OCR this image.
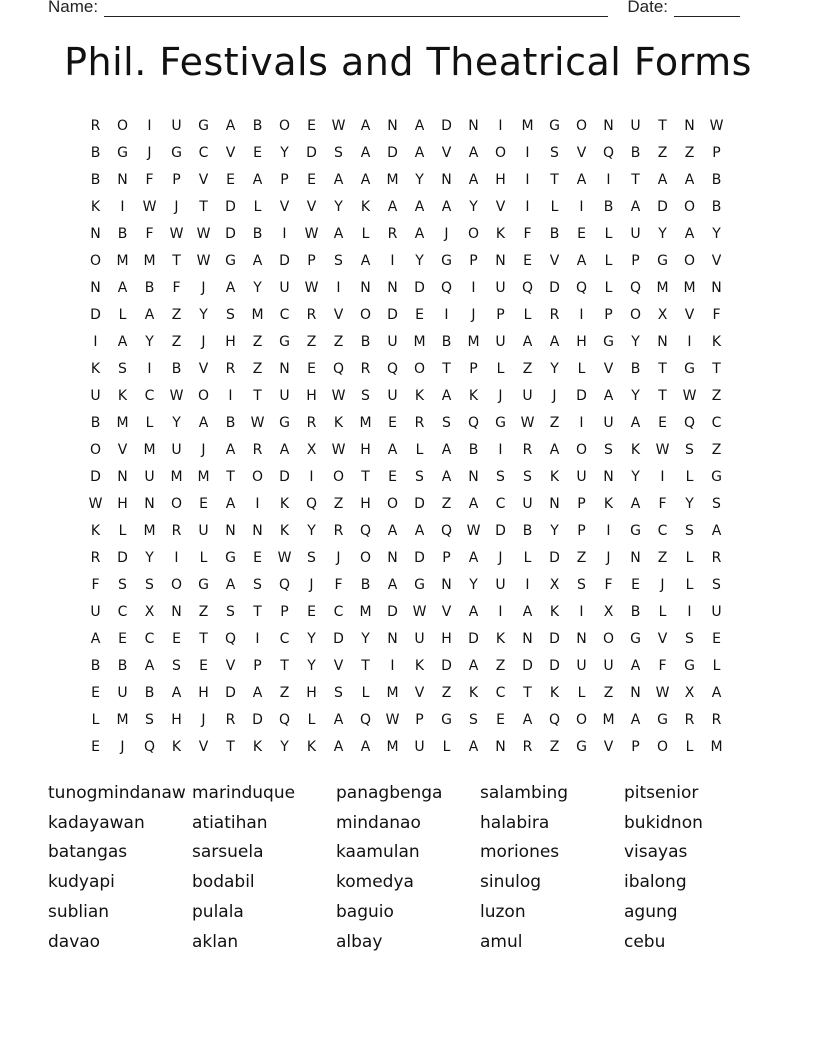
Name:	Date:
Phil. Festivals and Theatrical Forms
R	O	I	U	G	A	B	O	E	W	A	N	A	D	N	I	M	G	O	N	U	T	N	W
B	G	J	G	C	V	E	Y	D	S	A	D	A	V	A	O	I	S	V	Q	B	Z	Z	P
B	N	F	P	V	E	A	P	E	A	A	M	Y	N	A	H	I	T	A	I	T	A	A	B
K	I	W	J	T	D	L	V	V	Y	K	A	A	A	Y	V	I	L	I	B	A	D	O	B
N	B	F	W W	D	B	I	W	A	L	R	A	J	O	K	F	B	E	L	U	Y	A	Y
O	M	M	T	W	G	A	D	P	S	A	I	Y	G	P	N	E	V	A	L	P	G	O	V
N	A	B	F	J	A	Y	U	W	I	N	N	D	Q	I	U	Q	D	Q	L	Q	M	M	N
D	L	A	Z	Y	S	M	C	R	V	O	D	E	I	J	P	L	R	I	P	O	X	V	F
I	A	Y	Z	J	H	Z	G	Z	Z	B	U	M	B	M	U	A	A	H	G	Y	N	I	K
K	S	I	B	V	R	Z	N	E	Q	R	Q	O	T	P	L	Z	Y	L	V	B	T	G	T
U	K	C	W	O	I	T	U	H	W	S	U	K	A	K	J	U	J	D	A	Y	T	W	Z
B	M	L	Y	A	B	W	G	R	K	M	E	R	S	Q	G	W	Z	I	U	A	E	Q	C
O	V	M	U	J	A	R	A	X	W	H	A	L	A	B	I	R	A	O	S	K	W	S	Z
D	N	U	M	M	T	O	D	I	O	T	E	S	A	N	S	S	K	U	N	Y	I	L	G
W	H	N	O	E	A	I	K	Q	Z	H	O	D	Z	A	C	U	N	P	K	A	F	Y	S
K	L	M	R	U	N	N	K	Y	R	Q	A	A	Q	W	D	B	Y	P	I	G	C	S	A
R	D	Y	I	L	G	E	W	S	J	O	N	D	P	A	J	L	D	Z	J	N	Z	L	R
F	S	S	O	G	A	S	Q	J	F	B	A	G	N	Y	U	I	X	S	F	E	J	L	S
U	C	X	N	Z	S	T	P	E	C	M	D	W	V	A	I	A	K	I	X	B	L	I	U
A	E	C	E	T	Q	I	C	Y	D	Y	N	U	H	D	K	N	D	N	O	G	V	S	E
B	B	A	S	E	V	P	T	Y	V	T	I	K	D	A	Z	D	D	U	U	A	F	G	L
E	U	B	A	H	D	A	Z	H	S	L	M	V	Z	K	C	T	K	L	Z	N	W	X	A
L	M	S	H	J	R	D	Q	L	A	Q	W	P	G	S	E	A	Q	O	M	A	G	R	R
E	J	Q	K	V	T	K	Y	K	A	A	M	U	L	A	N	R	Z	G	V	P	O	L	M
tunogmindanaw marinduque	panagbenga	salambing	pitsenior
kadayawan	atiatihan	mindanao	halabira	bukidnon
batangas	sarsuela	kaamulan	moriones	visayas
kudyapi	bodabil	komedya	sinulog	ibalong
sublian	pulala	baguio	luzon	agung
davao	aklan	albay	amul	cebu
